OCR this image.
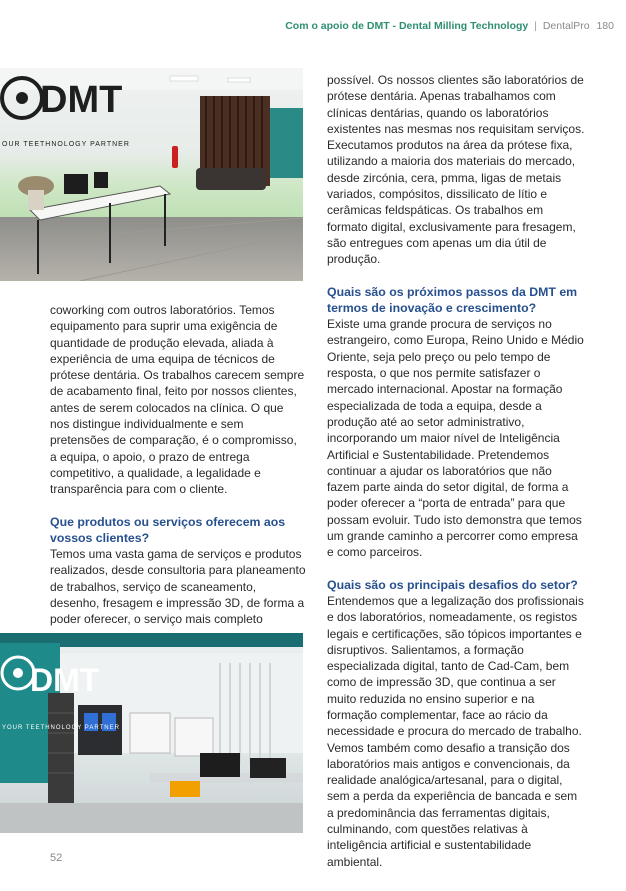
Com o apoio de DMT - Dental Milling Technology | DentalPro 180
DMT
OUR TEETHNOLOGY PARTNER
DMT
YOUR TEETHNOLOGY PARTNER

coworking com outros laboratórios. Temos equipamento para suprir uma exigência de quantidade de produção elevada, aliada à experiência de uma equipa de técnicos de prótese dentária. Os trabalhos carecem sempre de acabamento final, feito por nossos clientes, antes de serem colocados na clínica. O que nos distingue individualmente e sem pretensões de comparação, é o compromisso, a equipa, o apoio, o prazo de entrega competitivo, a qualidade, a legalidade e transparência para com o cliente.

Que produtos ou serviços oferecem aos vossos clientes?

Temos uma vasta gama de serviços e produtos realizados, desde consultoria para planeamento de trabalhos, serviço de scaneamento, desenho, fresagem e impressão 3D, de forma a poder oferecer, o serviço mais completo

possível. Os nossos clientes são laboratórios de prótese dentária. Apenas trabalhamos com clínicas dentárias, quando os laboratórios existentes nas mesmas nos requisitam serviços. Executamos produtos na área da prótese fixa, utilizando a maioria dos materiais do mercado, desde zircónia, cera, pmma, ligas de metais variados, compósitos, dissilicato de lítio e cerâmicas feldspáticas. Os trabalhos em formato digital, exclusivamente para fresagem, são entregues com apenas um dia útil de produção.

Quais são os próximos passos da DMT em termos de inovação e crescimento?

Existe uma grande procura de serviços no estrangeiro, como Europa, Reino Unido e Médio Oriente, seja pelo preço ou pelo tempo de resposta, o que nos permite satisfazer o mercado internacional. Apostar na formação especializada de toda a equipa, desde a produção até ao setor administrativo, incorporando um maior nível de Inteligência Artificial e Sustentabilidade. Pretendemos continuar a ajudar os laboratórios que não fazem parte ainda do setor digital, de forma a poder oferecer a “porta de entrada” para que possam evoluir. Tudo isto demonstra que temos um grande caminho a percorrer como empresa e como parceiros.

Quais são os principais desafios do setor?

Entendemos que a legalização dos profissionais e dos laboratórios, nomeadamente, os registos legais e certificações, são tópicos importantes e disruptivos. Salientamos, a formação especializada digital, tanto de Cad-Cam, bem como de impressão 3D, que continua a ser muito reduzida no ensino superior e na formação complementar, face ao rácio da necessidade e procura do mercado de trabalho. Vemos também como desafio a transição dos laboratórios mais antigos e convencionais, da realidade analógica/artesanal, para o digital, sem a perda da experiência de bancada e sem a predominância das ferramentas digitais, culminando, com questões relativas à inteligência artificial e sustentabilidade ambiental.

52
